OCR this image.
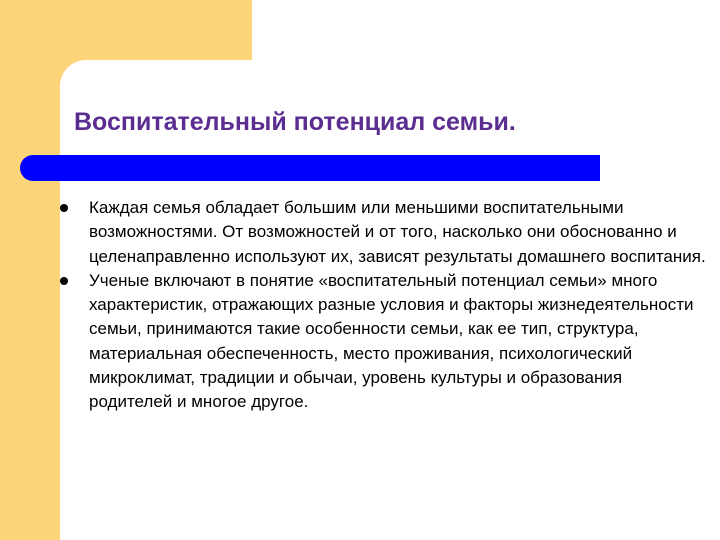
Воспитательный потенциал семьи.
Каждая семья обладает большим или меньшими воспитательными возможностями. От возможностей и от того, насколько они обоснованно и целенаправленно используют их, зависят результаты домашнего воспитания.
Ученые включают в понятие «воспитательный потенциал семьи» много характеристик, отражающих разные условия и факторы жизнедеятельности семьи, принимаются такие особенности семьи, как ее тип, структура, материальная обеспеченность, место проживания, психологический микроклимат, традиции и обычаи, уровень культуры и образования родителей и многое другое.
